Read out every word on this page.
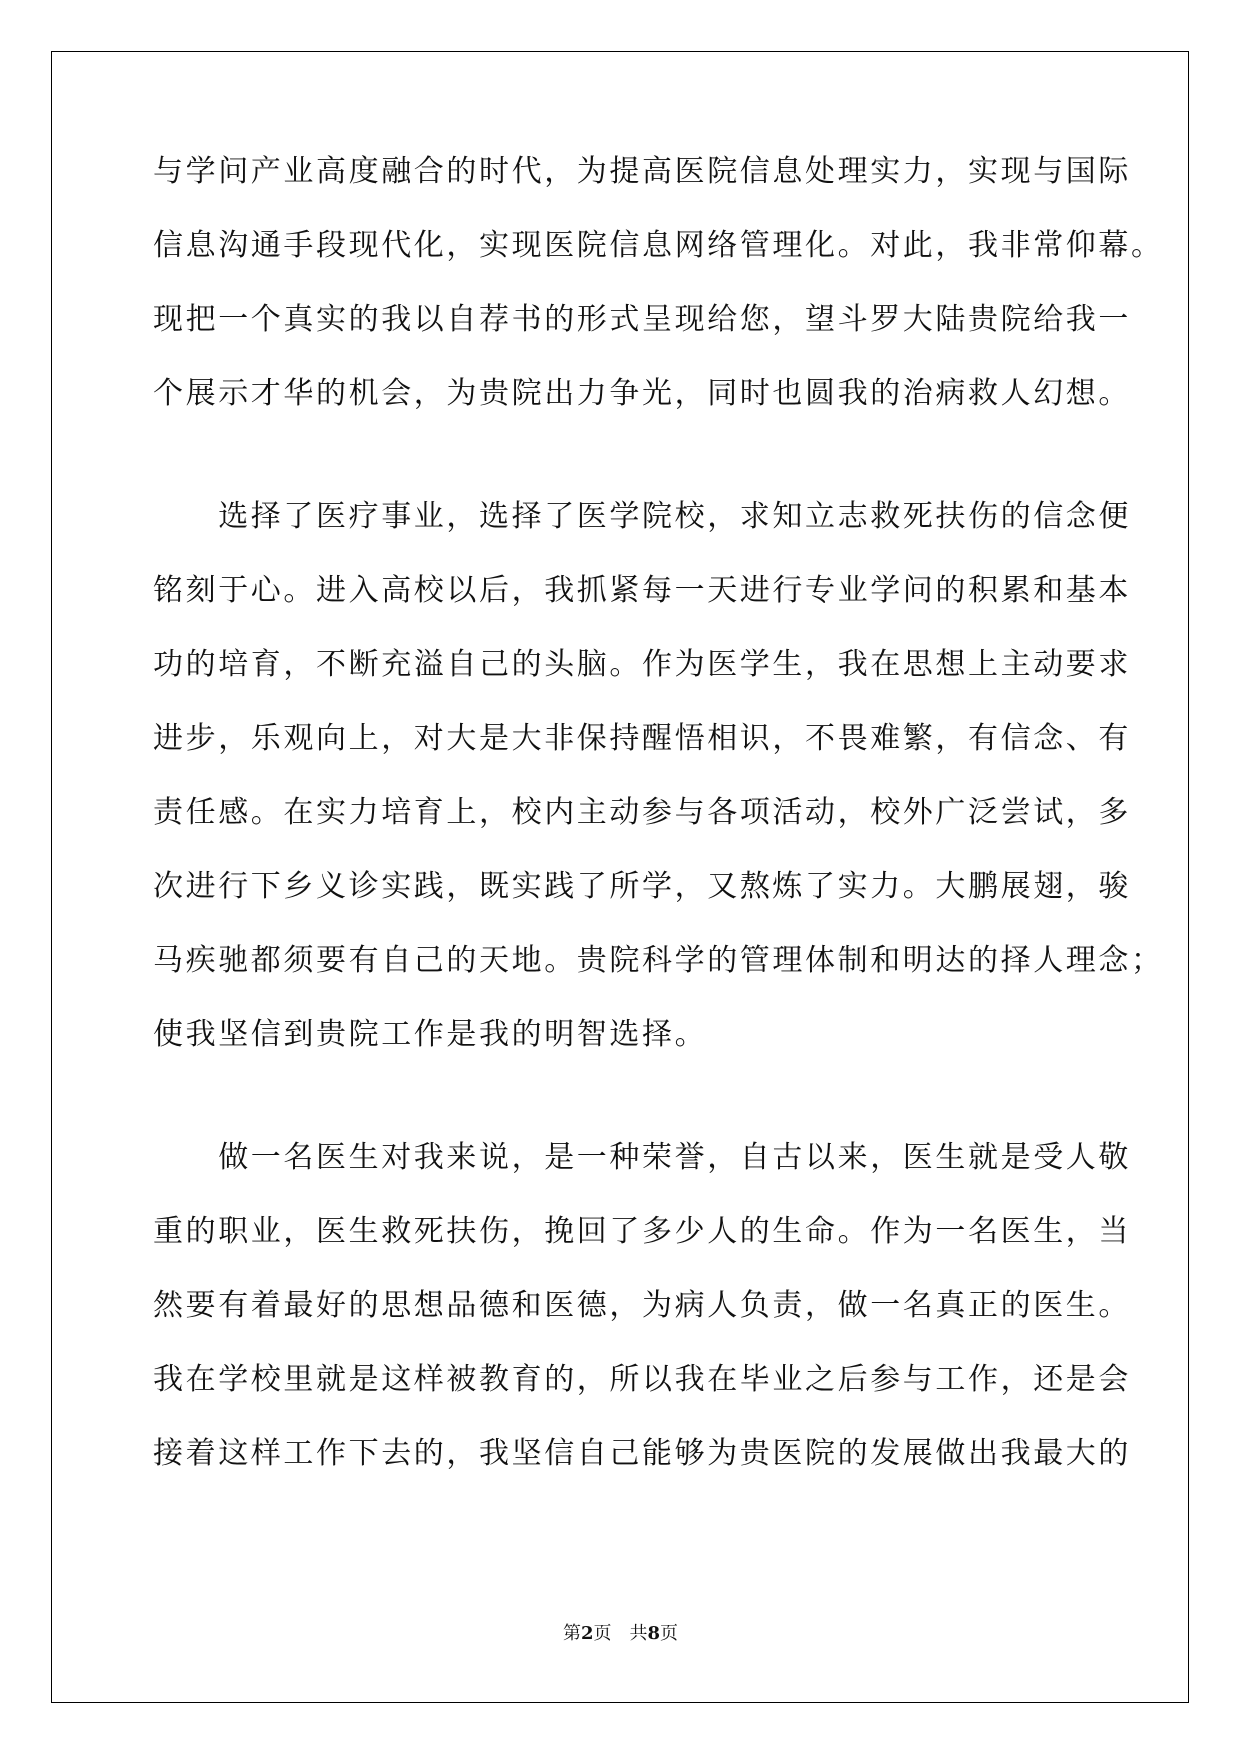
与学问产业高度融合的时代，为提高医院信息处理实力，实现与国际
信息沟通手段现代化，实现医院信息网络管理化。对此，我非常仰幕。
现把一个真实的我以自荐书的形式呈现给您，望斗罗大陆贵院给我一
个展示才华的机会，为贵院出力争光，同时也圆我的治病救人幻想。
　　选择了医疗事业，选择了医学院校，求知立志救死扶伤的信念便
铭刻于心。进入高校以后，我抓紧每一天进行专业学问的积累和基本
功的培育，不断充溢自己的头脑。作为医学生，我在思想上主动要求
进步，乐观向上，对大是大非保持醒悟相识，不畏难繁，有信念、有
责任感。在实力培育上，校内主动参与各项活动，校外广泛尝试，多
次进行下乡义诊实践，既实践了所学，又熬炼了实力。大鹏展翅，骏
马疾驰都须要有自己的天地。贵院科学的管理体制和明达的择人理念；
使我坚信到贵院工作是我的明智选择。
　　做一名医生对我来说，是一种荣誉，自古以来，医生就是受人敬
重的职业，医生救死扶伤，挽回了多少人的生命。作为一名医生，当
然要有着最好的思想品德和医德，为病人负责，做一名真正的医生。
我在学校里就是这样被教育的，所以我在毕业之后参与工作，还是会
接着这样工作下去的，我坚信自己能够为贵医院的发展做出我最大的
第2页 共8页
